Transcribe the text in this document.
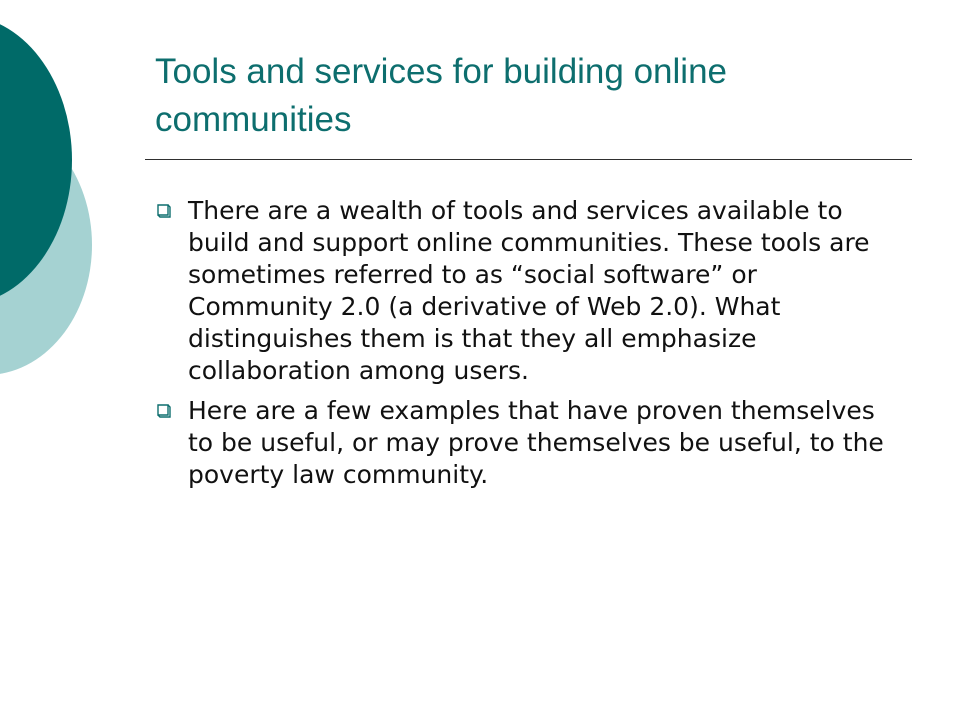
Tools and services for building online communities
There are a wealth of tools and services available to build and support online communities. These tools are sometimes referred to as “social software” or Community 2.0 (a derivative of Web 2.0). What distinguishes them is that they all emphasize collaboration among users.
Here are a few examples that have proven themselves to be useful, or may prove themselves be useful, to the poverty law community.
